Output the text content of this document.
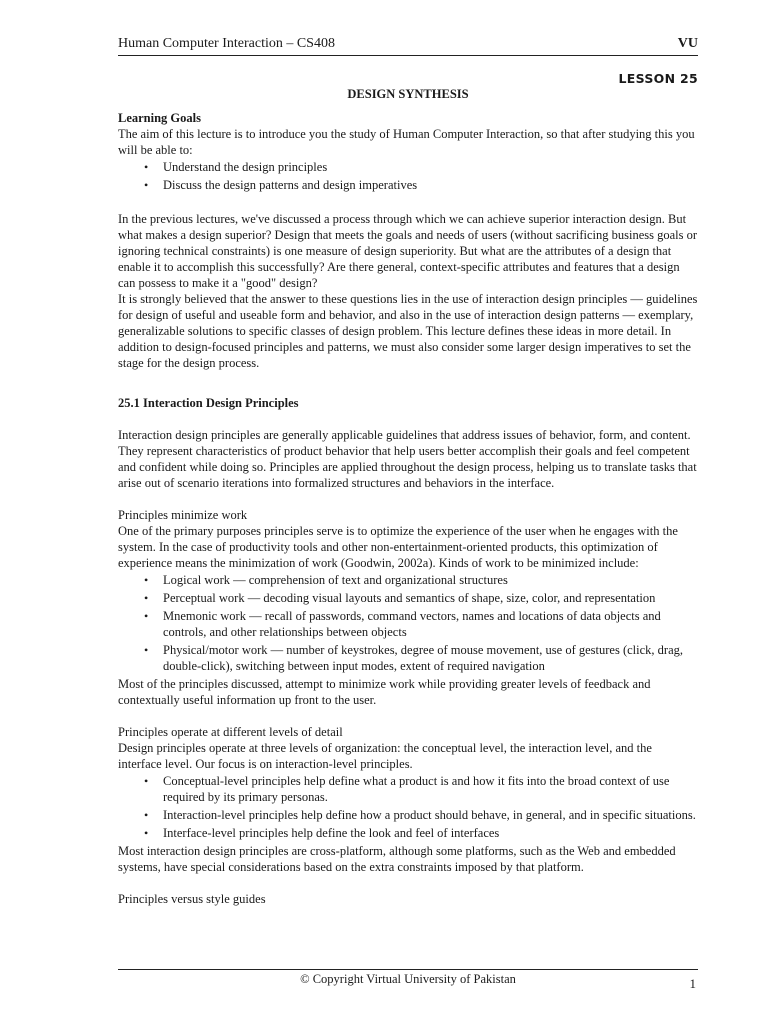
Human Computer Interaction – CS408	VU
LESSON 25
DESIGN SYNTHESIS

Learning Goals

The aim of this lecture is to introduce you the study of Human Computer Interaction, so that after studying this you will be able to:

• Understand the design principles
• Discuss the design patterns and design imperatives

In the previous lectures, we've discussed a process through which we can achieve superior interaction design. But what makes a design superior? Design that meets the goals and needs of users (without sacrificing business goals or ignoring technical constraints) is one measure of design superiority. But what are the attributes of a design that enable it to accomplish this successfully? Are there general, context-specific attributes and features that a design can possess to make it a "good" design?

It is strongly believed that the answer to these questions lies in the use of interaction design principles — guidelines for design of useful and useable form and behavior, and also in the use of interaction design patterns — exemplary, generalizable solutions to specific classes of design problem. This lecture defines these ideas in more detail. In addition to design-focused principles and patterns, we must also consider some larger design imperatives to set the stage for the design process.

25.1 Interaction Design Principles

Interaction design principles are generally applicable guidelines that address issues of behavior, form, and content. They represent characteristics of product behavior that help users better accomplish their goals and feel competent and confident while doing so. Principles are applied throughout the design process, helping us to translate tasks that arise out of scenario iterations into formalized structures and behaviors in the interface.

Principles minimize work

One of the primary purposes principles serve is to optimize the experience of the user when he engages with the system. In the case of productivity tools and other non-entertainment-oriented products, this optimization of experience means the minimization of work (Goodwin, 2002a). Kinds of work to be minimized include:

• Logical work — comprehension of text and organizational structures
• Perceptual work — decoding visual layouts and semantics of shape, size, color, and representation
• Mnemonic work — recall of passwords, command vectors, names and locations of data objects and controls, and other relationships between objects
• Physical/motor work — number of keystrokes, degree of mouse movement, use of gestures (click, drag, double-click), switching between input modes, extent of required navigation

Most of the principles discussed, attempt to minimize work while providing greater levels of feedback and contextually useful information up front to the user.

Principles operate at different levels of detail

Design principles operate at three levels of organization: the conceptual level, the interaction level, and the interface level. Our focus is on interaction-level principles.

• Conceptual-level principles help define what a product is and how it fits into the broad context of use required by its primary personas.
• Interaction-level principles help define how a product should behave, in general, and in specific situations.
• Interface-level principles help define the look and feel of interfaces

Most interaction design principles are cross-platform, although some platforms, such as the Web and embedded systems, have special considerations based on the extra constraints imposed by that platform.

Principles versus style guides

© Copyright Virtual University of Pakistan	1
